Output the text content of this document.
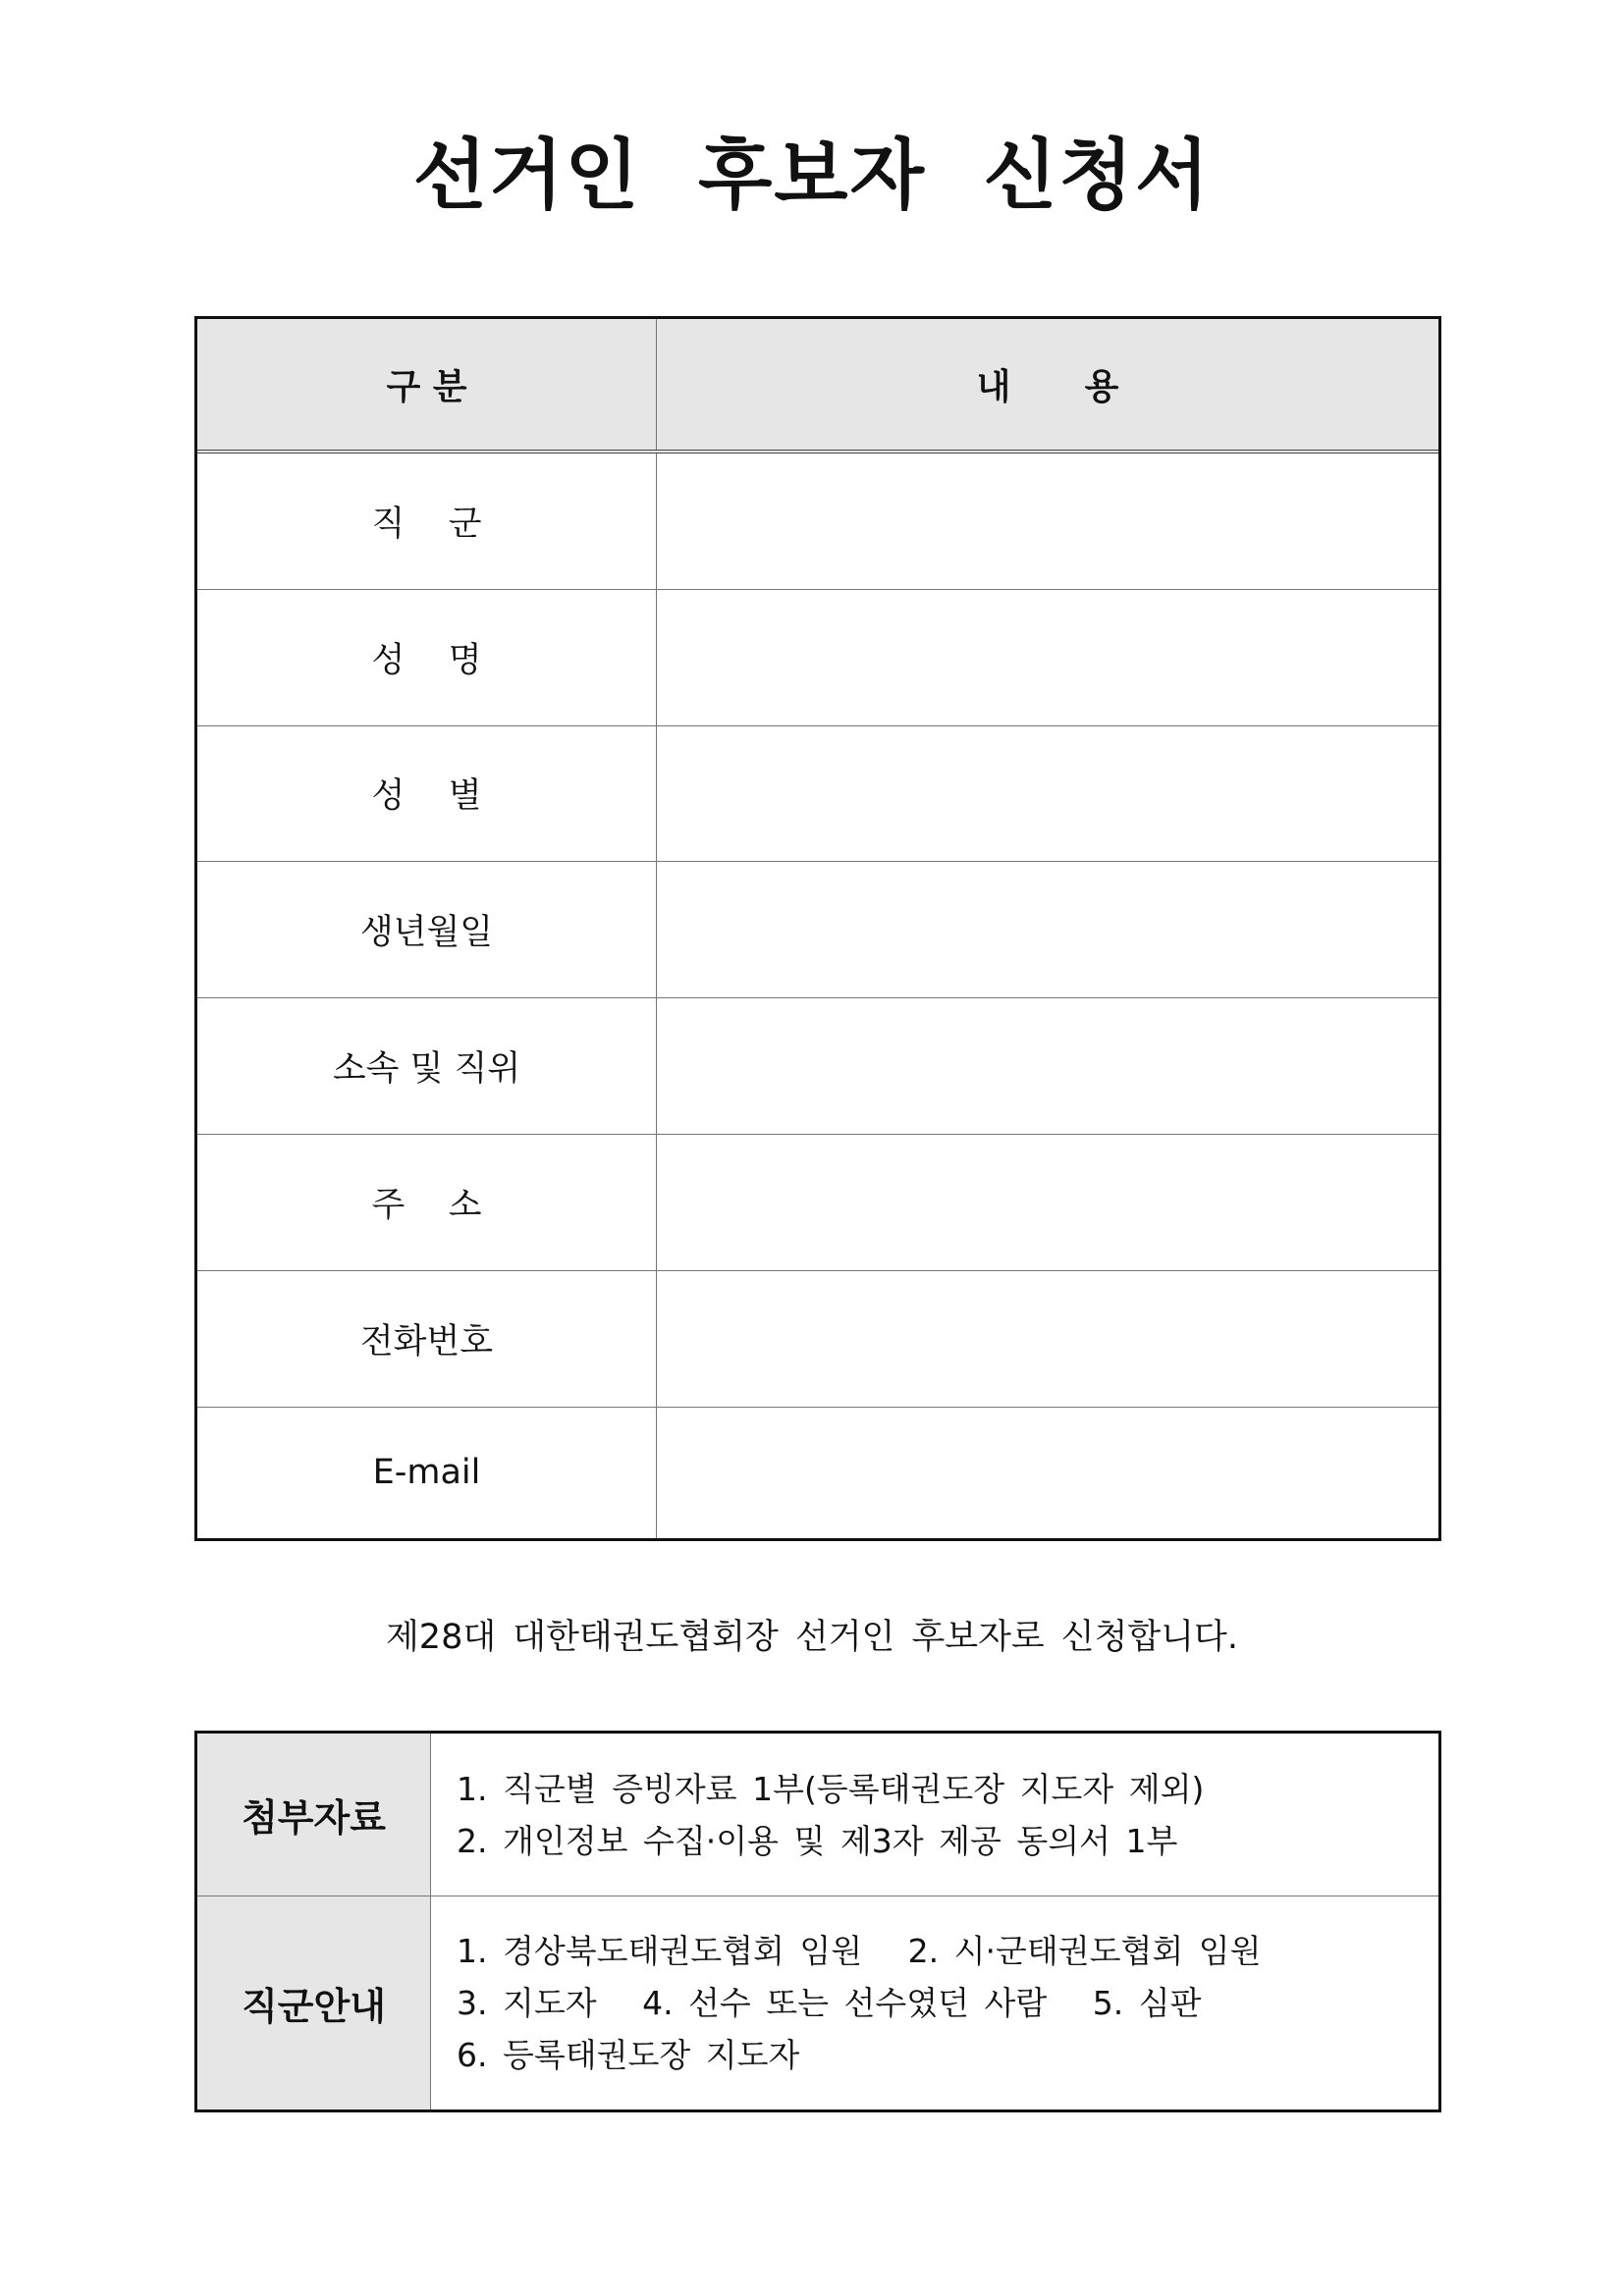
선거인  후보자  신청서
구 분	내      용
직    군
성    명
성    별
생년월일
소속 및 직위
주    소
전화번호
E-mail
제28대 대한태권도협회장 선거인 후보자로 신청합니다.
첨부자료
1. 직군별 증빙자료 1부(등록태권도장 지도자 제외)
2. 개인정보 수집·이용 및 제3자 제공 동의서 1부
직군안내
1. 경상북도태권도협회 임원   2. 시·군태권도협회 임원
3. 지도자   4. 선수 또는 선수였던 사람   5. 심판
6. 등록태권도장 지도자
